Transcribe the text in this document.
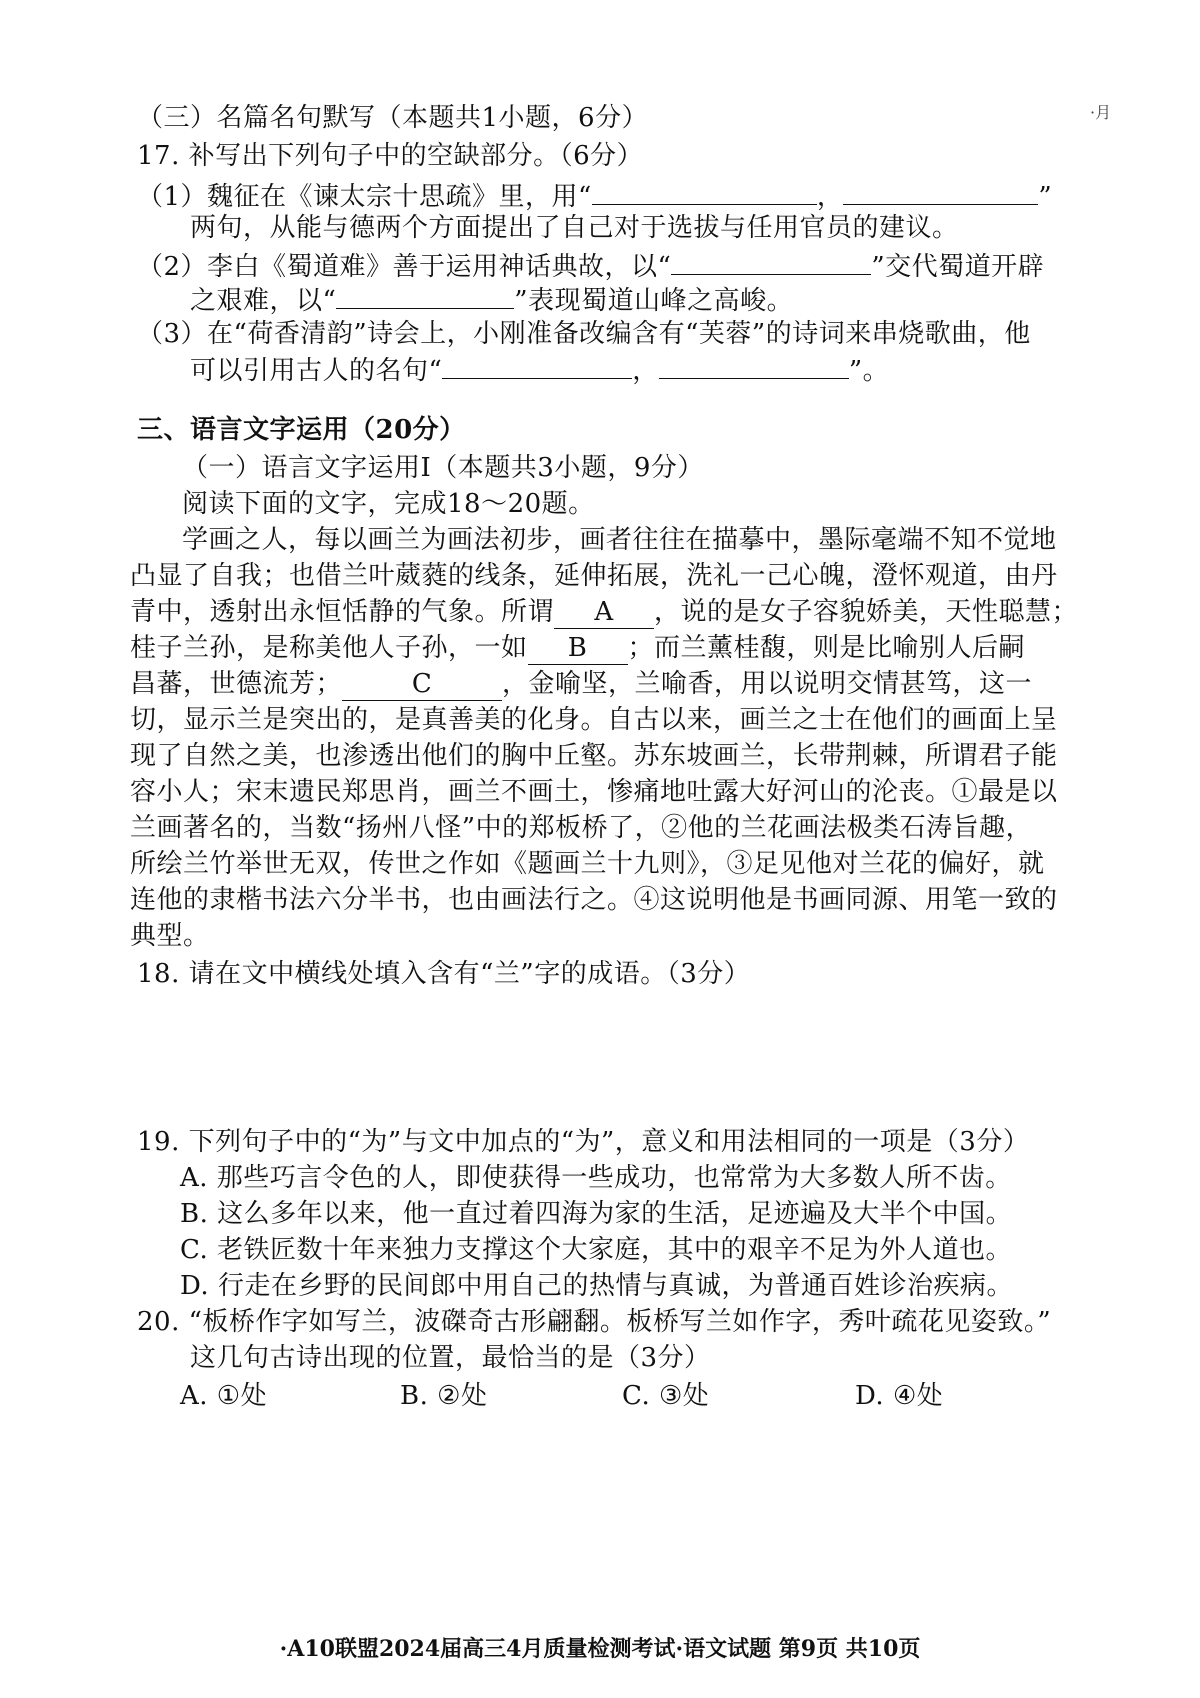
·月
（三）名篇名句默写（本题共1小题，6分）
17. 补写出下列句子中的空缺部分。（6分）
（1）魏征在《谏太宗十思疏》里，用“	，	”
两句，从能与德两个方面提出了自己对于选拔与任用官员的建议。
（2）李白《蜀道难》善于运用神话典故，以“	”交代蜀道开辟
之艰难，以“	”表现蜀道山峰之高峻。
（3）在“荷香清韵”诗会上，小刚准备改编含有“芙蓉”的诗词来串烧歌曲，他
可以引用古人的名句“	，	”。
三、语言文字运用（20分）
（一）语言文字运用Ⅰ（本题共3小题，9分）
阅读下面的文字，完成18～20题。
学画之人，每以画兰为画法初步，画者往往在描摹中，墨际毫端不知不觉地
凸显了自我；也借兰叶葳蕤的线条，延伸拓展，洗礼一己心魄，澄怀观道，由丹
青中，透射出永恒恬静的气象。所谓 A ，说的是女子容貌娇美，天性聪慧；
桂子兰孙，是称美他人子孙，一如 B ；而兰薰桂馥，则是比喻别人后嗣
昌蕃，世德流芳；	C	，金喻坚，兰喻香，用以说明交情甚笃，这一
切，显示兰是突出的，是真善美的化身。自古以来，画兰之士在他们的画面上呈
现了自然之美，也渗透出他们的胸中丘壑。苏东坡画兰，长带荆棘，所谓君子能
容小人；宋末遗民郑思肖，画兰不画土，惨痛地吐露大好河山的沦丧。①最是以
兰画著名的，当数“扬州八怪”中的郑板桥了，②他的兰花画法极类石涛旨趣，
所绘兰竹举世无双，传世之作如《题画兰十九则》，③足见他对兰花的偏好，就
连他的隶楷书法六分半书，也由画法行之。④这说明他是书画同源、用笔一致的
典型。
18. 请在文中横线处填入含有“兰”字的成语。（3分）
19. 下列句子中的“为”与文中加点的“为”，意义和用法相同的一项是（3分）
A. 那些巧言令色的人，即使获得一些成功，也常常为大多数人所不齿。
B. 这么多年以来，他一直过着四海为家的生活，足迹遍及大半个中国。
C. 老铁匠数十年来独力支撑这个大家庭，其中的艰辛不足为外人道也。
D. 行走在乡野的民间郎中用自己的热情与真诚，为普通百姓诊治疾病。
20. “板桥作字如写兰，波磔奇古形翩翻。板桥写兰如作字，秀叶疏花见姿致。”
这几句古诗出现的位置，最恰当的是（3分）
A. ①处	B. ②处	C. ③处	D. ④处
·A10联盟2024届高三4月质量检测考试·语文试题 第9页 共10页
